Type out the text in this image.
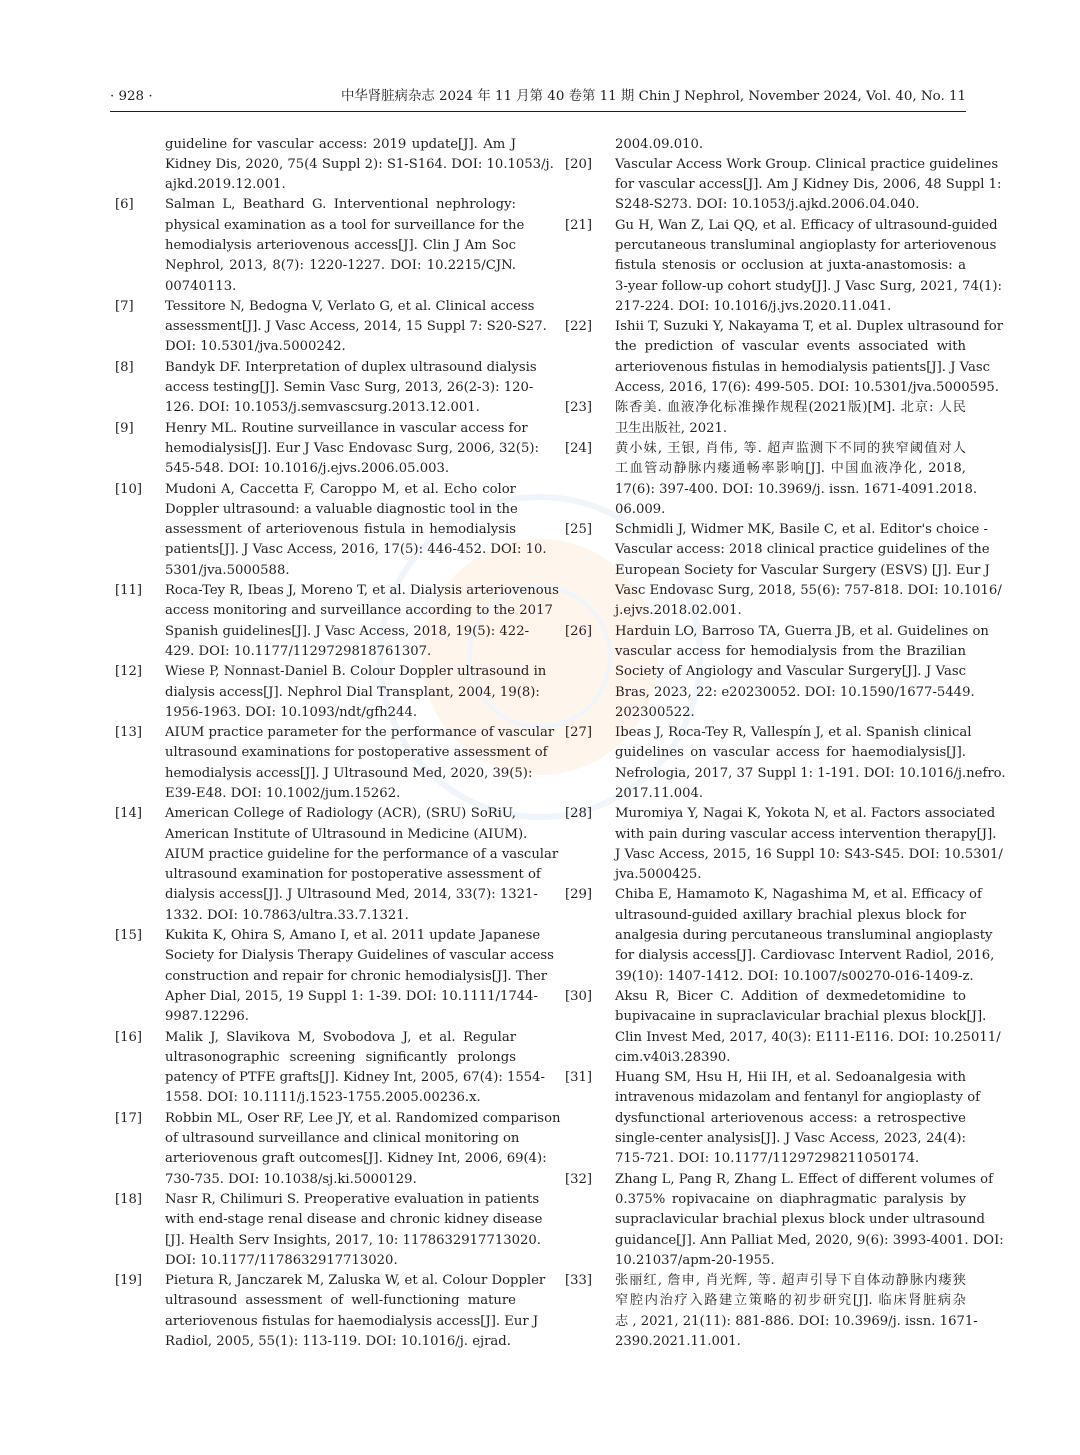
· 928 ·	中华肾脏病杂志 2024 年 11 月第 40 卷第 11 期 Chin J Nephrol, November 2024, Vol. 40, No. 11
guideline for vascular access: 2019 update[J]. Am J
Kidney Dis, 2020, 75(4 Suppl 2): S1-S164. DOI: 10.1053/j.
ajkd.2019.12.001.
[6] Salman L, Beathard G. Interventional nephrology:
physical examination as a tool for surveillance for the
hemodialysis arteriovenous access[J]. Clin J Am Soc
Nephrol, 2013, 8(7): 1220-1227. DOI: 10.2215/CJN.
00740113.
[7] Tessitore N, Bedogna V, Verlato G, et al. Clinical access
assessment[J]. J Vasc Access, 2014, 15 Suppl 7: S20-S27.
DOI: 10.5301/jva.5000242.
[8] Bandyk DF. Interpretation of duplex ultrasound dialysis
access testing[J]. Semin Vasc Surg, 2013, 26(2-3): 120-
126. DOI: 10.1053/j.semvascsurg.2013.12.001.
[9] Henry ML. Routine surveillance in vascular access for
hemodialysis[J]. Eur J Vasc Endovasc Surg, 2006, 32(5):
545-548. DOI: 10.1016/j.ejvs.2006.05.003.
[10] Mudoni A, Caccetta F, Caroppo M, et al. Echo color
Doppler ultrasound: a valuable diagnostic tool in the
assessment of arteriovenous fistula in hemodialysis
patients[J]. J Vasc Access, 2016, 17(5): 446-452. DOI: 10.
5301/jva.5000588.
[11] Roca-Tey R, Ibeas J, Moreno T, et al. Dialysis arteriovenous
access monitoring and surveillance according to the 2017
Spanish guidelines[J]. J Vasc Access, 2018, 19(5): 422-
429. DOI: 10.1177/1129729818761307.
[12] Wiese P, Nonnast-Daniel B. Colour Doppler ultrasound in
dialysis access[J]. Nephrol Dial Transplant, 2004, 19(8):
1956-1963. DOI: 10.1093/ndt/gfh244.
[13] AIUM practice parameter for the performance of vascular
ultrasound examinations for postoperative assessment of
hemodialysis access[J]. J Ultrasound Med, 2020, 39(5):
E39-E48. DOI: 10.1002/jum.15262.
[14] American College of Radiology (ACR), (SRU) SoRiU,
American Institute of Ultrasound in Medicine (AIUM).
AIUM practice guideline for the performance of a vascular
ultrasound examination for postoperative assessment of
dialysis access[J]. J Ultrasound Med, 2014, 33(7): 1321-
1332. DOI: 10.7863/ultra.33.7.1321.
[15] Kukita K, Ohira S, Amano I, et al. 2011 update Japanese
Society for Dialysis Therapy Guidelines of vascular access
construction and repair for chronic hemodialysis[J]. Ther
Apher Dial, 2015, 19 Suppl 1: 1-39. DOI: 10.1111/1744-
9987.12296.
[16] Malik J, Slavikova M, Svobodova J, et al. Regular
ultrasonographic screening significantly prolongs
patency of PTFE grafts[J]. Kidney Int, 2005, 67(4): 1554-
1558. DOI: 10.1111/j.1523-1755.2005.00236.x.
[17] Robbin ML, Oser RF, Lee JY, et al. Randomized comparison
of ultrasound surveillance and clinical monitoring on
arteriovenous graft outcomes[J]. Kidney Int, 2006, 69(4):
730-735. DOI: 10.1038/sj.ki.5000129.
[18] Nasr R, Chilimuri S. Preoperative evaluation in patients
with end-stage renal disease and chronic kidney disease
[J]. Health Serv Insights, 2017, 10: 1178632917713020.
DOI: 10.1177/1178632917713020.
[19] Pietura R, Janczarek M, Zaluska W, et al. Colour Doppler
ultrasound assessment of well-functioning mature
arteriovenous fistulas for haemodialysis access[J]. Eur J
Radiol, 2005, 55(1): 113-119. DOI: 10.1016/j. ejrad.
2004.09.010.
[20] Vascular Access Work Group. Clinical practice guidelines
for vascular access[J]. Am J Kidney Dis, 2006, 48 Suppl 1:
S248-S273. DOI: 10.1053/j.ajkd.2006.04.040.
[21] Gu H, Wan Z, Lai QQ, et al. Efficacy of ultrasound-guided
percutaneous transluminal angioplasty for arteriovenous
fistula stenosis or occlusion at juxta-anastomosis: a
3-year follow-up cohort study[J]. J Vasc Surg, 2021, 74(1):
217-224. DOI: 10.1016/j.jvs.2020.11.041.
[22] Ishii T, Suzuki Y, Nakayama T, et al. Duplex ultrasound for
the prediction of vascular events associated with
arteriovenous fistulas in hemodialysis patients[J]. J Vasc
Access, 2016, 17(6): 499-505. DOI: 10.5301/jva.5000595.
[23] 陈香美. 血液净化标准操作规程(2021版)[M]. 北京: 人民
卫生出版社, 2021.
[24] 黄小妹, 王银, 肖伟, 等. 超声监测下不同的狭窄阈值对人
工血管动静脉内瘘通畅率影响[J]. 中国血液净化, 2018,
17(6): 397-400. DOI: 10.3969/j. issn. 1671-4091.2018.
06.009.
[25] Schmidli J, Widmer MK, Basile C, et al. Editor's choice -
Vascular access: 2018 clinical practice guidelines of the
European Society for Vascular Surgery (ESVS) [J]. Eur J
Vasc Endovasc Surg, 2018, 55(6): 757-818. DOI: 10.1016/
j.ejvs.2018.02.001.
[26] Harduin LO, Barroso TA, Guerra JB, et al. Guidelines on
vascular access for hemodialysis from the Brazilian
Society of Angiology and Vascular Surgery[J]. J Vasc
Bras, 2023, 22: e20230052. DOI: 10.1590/1677-5449.
202300522.
[27] Ibeas J, Roca-Tey R, Vallespín J, et al. Spanish clinical
guidelines on vascular access for haemodialysis[J].
Nefrologia, 2017, 37 Suppl 1: 1-191. DOI: 10.1016/j.nefro.
2017.11.004.
[28] Muromiya Y, Nagai K, Yokota N, et al. Factors associated
with pain during vascular access intervention therapy[J].
J Vasc Access, 2015, 16 Suppl 10: S43-S45. DOI: 10.5301/
jva.5000425.
[29] Chiba E, Hamamoto K, Nagashima M, et al. Efficacy of
ultrasound-guided axillary brachial plexus block for
analgesia during percutaneous transluminal angioplasty
for dialysis access[J]. Cardiovasc Intervent Radiol, 2016,
39(10): 1407-1412. DOI: 10.1007/s00270-016-1409-z.
[30] Aksu R, Bicer C. Addition of dexmedetomidine to
bupivacaine in supraclavicular brachial plexus block[J].
Clin Invest Med, 2017, 40(3): E111-E116. DOI: 10.25011/
cim.v40i3.28390.
[31] Huang SM, Hsu H, Hii IH, et al. Sedoanalgesia with
intravenous midazolam and fentanyl for angioplasty of
dysfunctional arteriovenous access: a retrospective
single-center analysis[J]. J Vasc Access, 2023, 24(4):
715-721. DOI: 10.1177/11297298211050174.
[32] Zhang L, Pang R, Zhang L. Effect of different volumes of
0.375% ropivacaine on diaphragmatic paralysis by
supraclavicular brachial plexus block under ultrasound
guidance[J]. Ann Palliat Med, 2020, 9(6): 3993-4001. DOI:
10.21037/apm-20-1955.
[33] 张丽红, 詹申, 肖光辉, 等. 超声引导下自体动静脉内瘘狭
窄腔内治疗入路建立策略的初步研究[J]. 临床肾脏病杂
志 , 2021, 21(11): 881-886. DOI: 10.3969/j. issn. 1671-
2390.2021.11.001.
